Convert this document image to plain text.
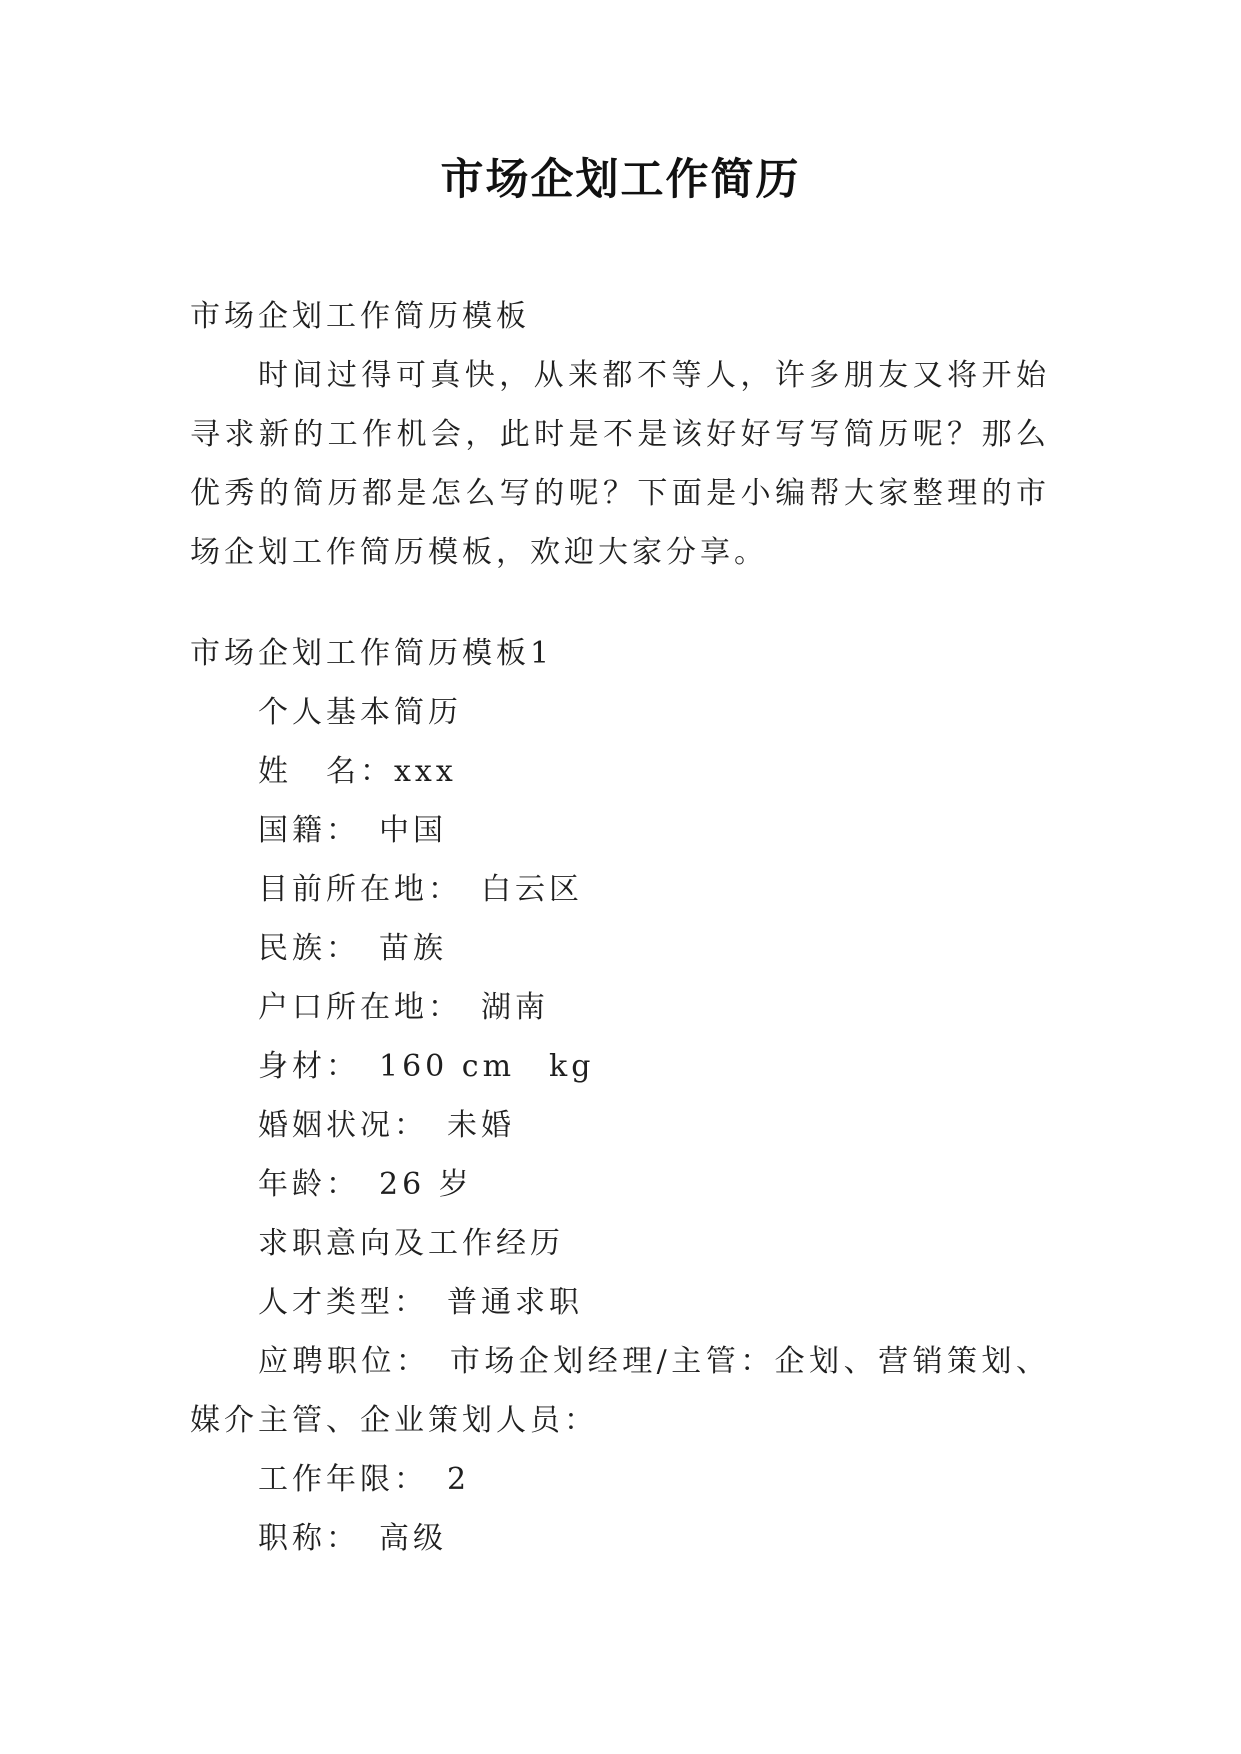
市场企划工作简历
市场企划工作简历模板

时间过得可真快，从来都不等人，许多朋友又将开始寻求新的工作机会，此时是不是该好好写写简历呢？那么优秀的简历都是怎么写的呢？下面是小编帮大家整理的市场企划工作简历模板，欢迎大家分享。

市场企划工作简历模板1
个人基本简历
姓　名：xxx
国籍：　中国
目前所在地：　白云区
民族：　苗族
户口所在地：　湖南
身材：　160 cm　kg
婚姻状况：　未婚
年龄：　26 岁
求职意向及工作经历
人才类型：　普通求职

应聘职位：　市场企划经理/主管：企划、营销策划、媒介主管、企业策划人员：

工作年限：　2
职称：　高级
